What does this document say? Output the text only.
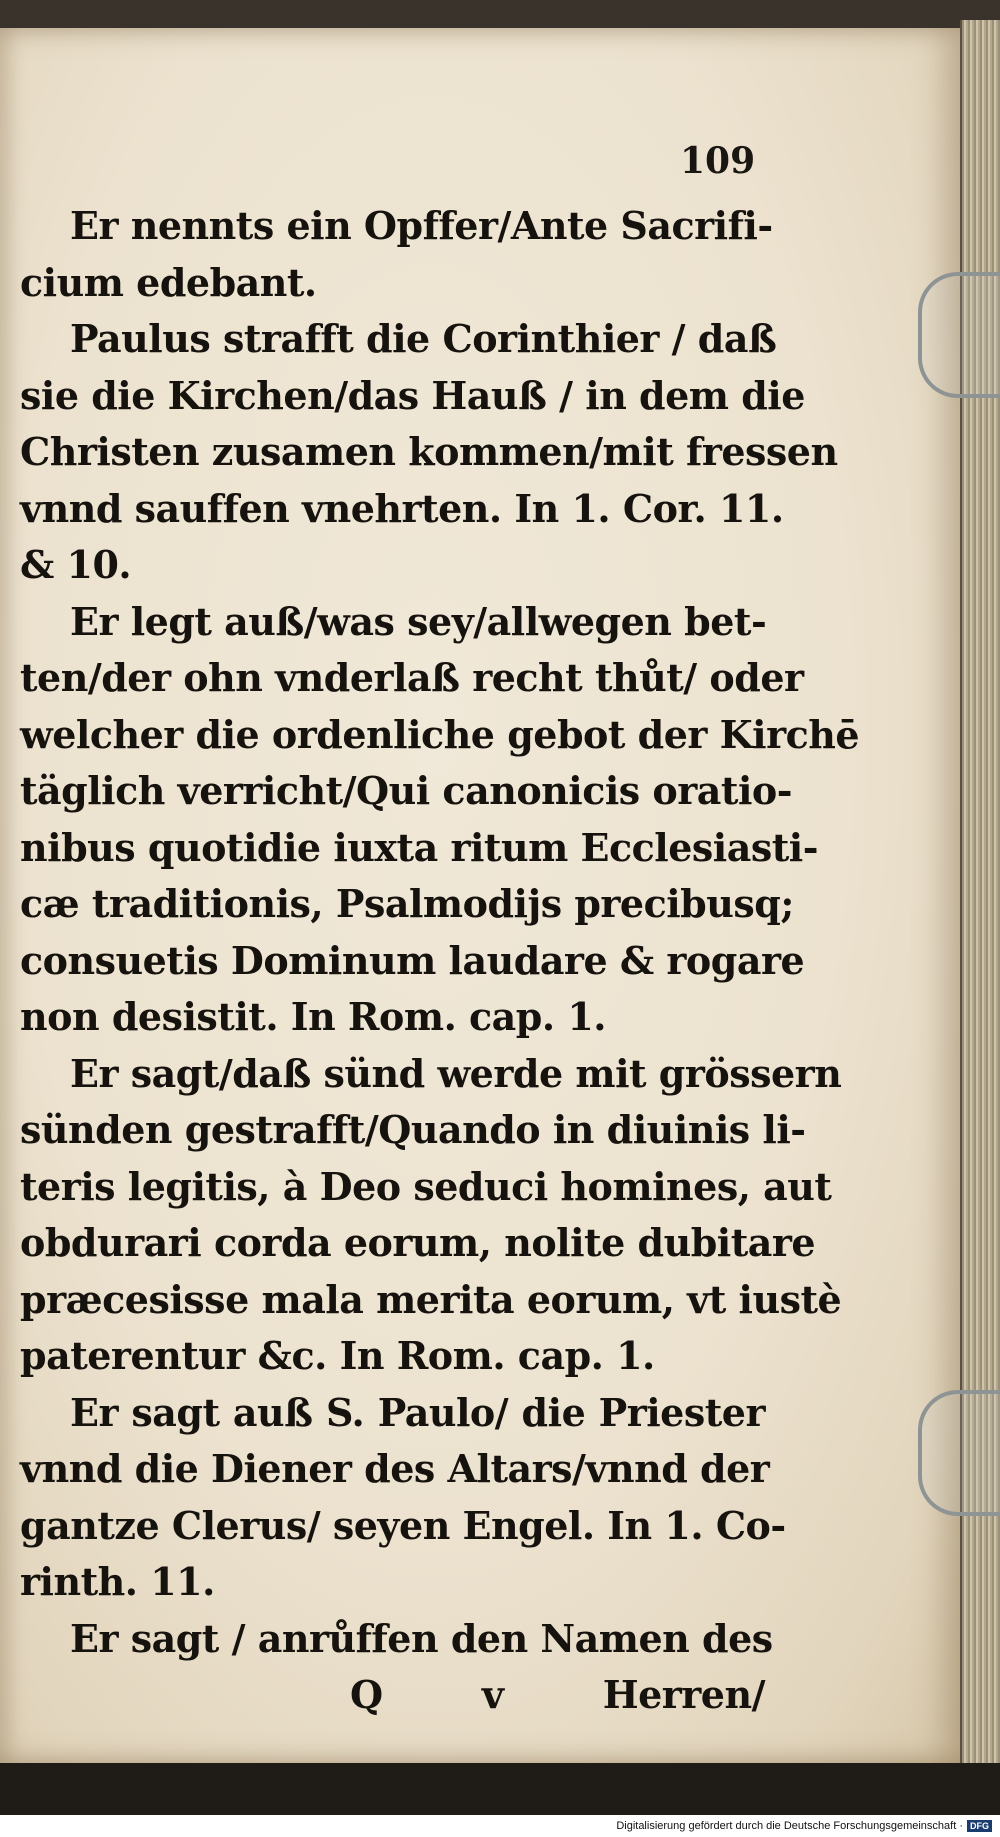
109
Er nennts ein Opffer/Ante Sacrifi-
cium edebant.
Paulus strafft die Corinthier / daß
sie die Kirchen/das Hauß / in dem die
Christen zusamen kommen/mit fressen
vnnd sauffen vnehrten. In 1. Cor. 11.
& 10.
Er legt auß/was sey/allwegen bet-
ten/der ohn vnderlaß recht thůt/ oder
welcher die ordenliche gebot der Kirchē
täglich verricht/Qui canonicis oratio-
nibus quotidie iuxta ritum Ecclesiasti-
cæ traditionis, Psalmodijs precibusq;
consuetis Dominum laudare & rogare
non desistit. In Rom. cap. 1.
Er sagt/daß sünd werde mit grössern
sünden gestrafft/Quando in diuinis li-
teris legitis, à Deo seduci homines, aut
obdurari corda eorum, nolite dubitare
præcesisse mala merita eorum, vt iustè
paterentur &c. In Rom. cap. 1.
Er sagt auß S. Paulo/ die Priester
vnnd die Diener des Altars/vnnd der
gantze Clerus/ seyen Engel. In 1. Co-
rinth. 11.
Er sagt / anrůffen den Namen des
Q v Herren/
Digitalisierung gefördert durch die Deutsche Forschungsgemeinschaft · DFG
